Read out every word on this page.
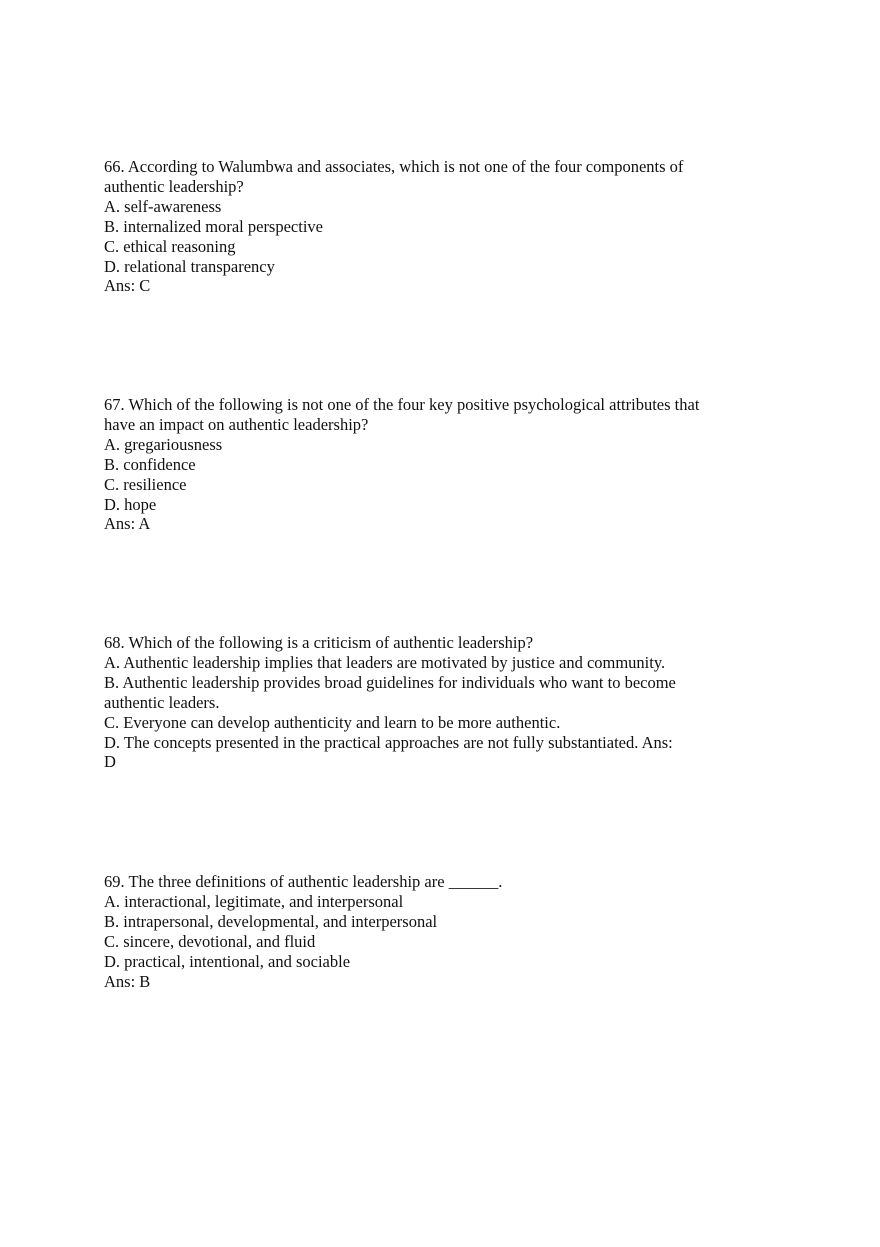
66. According to Walumbwa and associates, which is not one of the four components of
authentic leadership?
A. self-awareness
B. internalized moral perspective
C. ethical reasoning
D. relational transparency
Ans: C
67. Which of the following is not one of the four key positive psychological attributes that
have an impact on authentic leadership?
A. gregariousness
B. confidence
C. resilience
D. hope
Ans: A
68. Which of the following is a criticism of authentic leadership?
A. Authentic leadership implies that leaders are motivated by justice and community.
B. Authentic leadership provides broad guidelines for individuals who want to become
authentic leaders.
C. Everyone can develop authenticity and learn to be more authentic.
D. The concepts presented in the practical approaches are not fully substantiated. Ans:
D
69. The three definitions of authentic leadership are ______.
A. interactional, legitimate, and interpersonal
B. intrapersonal, developmental, and interpersonal
C. sincere, devotional, and fluid
D. practical, intentional, and sociable
Ans: B
